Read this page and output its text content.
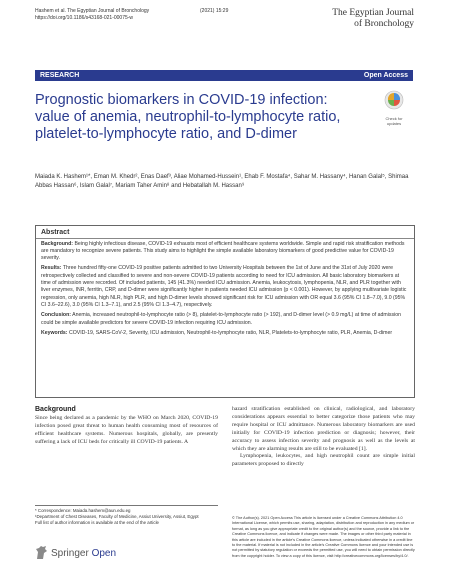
Hashem et al. The Egyptian Journal of Bronchology
https://doi.org/10.1186/s43168-021-00075-w
(2021) 15:29	The Egyptian Journal
of Bronchology
RESEARCH	Open Access
Prognostic biomarkers in COVID-19 infection: value of anemia, neutrophil-to-lymphocyte ratio, platelet-to-lymphocyte ratio, and D-dimer
Check for
updates
Maiada K. Hashem¹*, Eman M. Khedr², Enas Daef³, Aliae Mohamed-Hussein¹, Ehab F. Mostafa⁴, Sahar M. Hassany⁴, Hanan Galal⁵, Shimaa Abbas Hassan⁶, Islam Galal⁷, Mariam Taher Amin⁸ and Hebatallah M. Hassan⁹
Abstract

Background: Being highly infectious disease, COVID-19 exhausts most of efficient healthcare systems worldwide. Simple and rapid risk stratification methods are mandatory to recognize severe patients. This study aims to highlight the simple available laboratory biomarkers of good predictive value for COVID-19 severity.

Results: Three hundred fifty-one COVID-19 positive patients admitted to two University Hospitals between the 1st of June and the 31st of July 2020 were retrospectively collected and classified to severe and non-severe COVID-19 patients according to need for ICU admission. All basic laboratory biomarkers at time of admission were recorded. Of included patients, 145 (41.3%) needed ICU admission. Anemia, leukocytosis, lymphopenia, NLR, and PLR together with liver enzymes, INR, ferritin, CRP, and D-dimer were significantly higher in patients needed ICU admission (p < 0.001). However, by applying multivariate logistic regression, only anemia, high NLR, high PLR, and high D-dimer levels showed significant risk for ICU admission with OR equal 3.6 (95% CI 1.8–7.0), 9.0 (95% CI 3.6–22.6), 3.0 (95% CI 1.3–7.1), and 2.5 (95% CI 1.3–4.7), respectively.

Conclusion: Anemia, increased neutrophil-to-lymphocyte ratio (> 8), platelet-to-lymphocyte ratio (> 192), and D-dimer level (> 0.9 mg/L) at time of admission could be simple available predictors for severe COVID-19 infection requiring ICU admission.

Keywords: COVID-19, SARS-CoV-2, Severity, ICU admission, Neutrophil-to-lymphocyte ratio, NLR, Platelets-to-lymphocyte ratio, PLR, Anemia, D-dimer

Background

Since being declared as a pandemic by the WHO on March 2020, COVID-19 infection posed great threat to human health consuming most of resources of efficient healthcare systems. Numerous hospitals, globally, are presently suffering a lack of ICU beds for critically ill COVID-19 patients. A

hazard stratification established on clinical, radiological, and laboratory considerations appears essential to better categorize those patients who may require hospital or ICU admittance. Numerous laboratory biomarkers are used initially for COVID-19 infection prediction or diagnosis; however, their accuracy to assess infection severity and prognosis as well as the levels at which they are alarming results are still to be evaluated [1].

Lymphopenia, leukocytes, and high neutrophil count are simple initial parameters proposed to directly

* Correspondence: Maiada.hashem@aun.edu.eg
¹Department of Chest Diseases, Faculty of Medicine, Assiut University, Assiut, Egypt
Full list of author information is available at the end of the article
Springer Open
© The Author(s). 2021 Open Access This article is licensed under a Creative Commons Attribution 4.0 International License, which permits use, sharing, adaptation, distribution and reproduction in any medium or format, as long as you give appropriate credit to the original author(s) and the source, provide a link to the Creative Commons licence, and indicate if changes were made. The images or other third party material in this article are included in the article's Creative Commons licence, unless indicated otherwise in a credit line to the material. If material is not included in the article's Creative Commons licence and your intended use is not permitted by statutory regulation or exceeds the permitted use, you will need to obtain permission directly from the copyright holder. To view a copy of this licence, visit http://creativecommons.org/licenses/by/4.0/.
